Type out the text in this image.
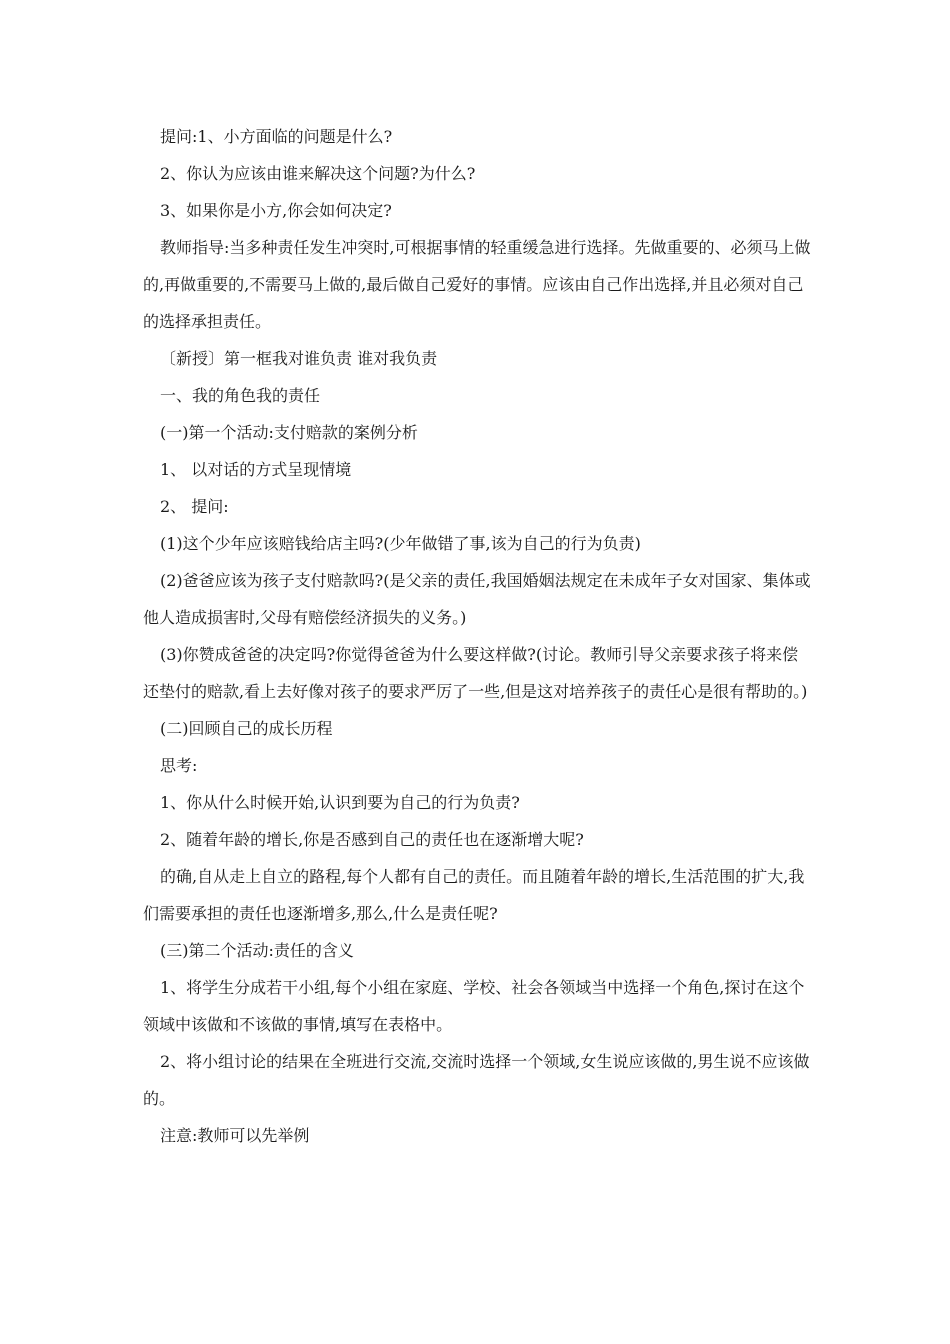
提问:1、小方面临的问题是什么?

2、你认为应该由谁来解决这个问题?为什么?

3、如果你是小方,你会如何决定?

教师指导:当多种责任发生冲突时,可根据事情的轻重缓急进行选择。先做重要的、必须马上做的,再做重要的,不需要马上做的,最后做自己爱好的事情。应该由自己作出选择,并且必须对自己的选择承担责任。

〔新授〕第一框我对谁负责 谁对我负责

一、我的角色我的责任

(一)第一个活动:支付赔款的案例分析

1、 以对话的方式呈现情境

2、 提问:

(1)这个少年应该赔钱给店主吗?(少年做错了事,该为自己的行为负责)

(2)爸爸应该为孩子支付赔款吗?(是父亲的责任,我国婚姻法规定在未成年子女对国家、集体或他人造成损害时,父母有赔偿经济损失的义务。)

(3)你赞成爸爸的决定吗?你觉得爸爸为什么要这样做?(讨论。教师引导父亲要求孩子将来偿还垫付的赔款,看上去好像对孩子的要求严厉了一些,但是这对培养孩子的责任心是很有帮助的。)

(二)回顾自己的成长历程

思考:

1、你从什么时候开始,认识到要为自己的行为负责?

2、随着年龄的增长,你是否感到自己的责任也在逐渐增大呢?

的确,自从走上自立的路程,每个人都有自己的责任。而且随着年龄的增长,生活范围的扩大,我们需要承担的责任也逐渐增多,那么,什么是责任呢?

(三)第二个活动:责任的含义

1、将学生分成若干小组,每个小组在家庭、学校、社会各领域当中选择一个角色,探讨在这个领域中该做和不该做的事情,填写在表格中。

2、将小组讨论的结果在全班进行交流,交流时选择一个领域,女生说应该做的,男生说不应该做的。

注意:教师可以先举例
